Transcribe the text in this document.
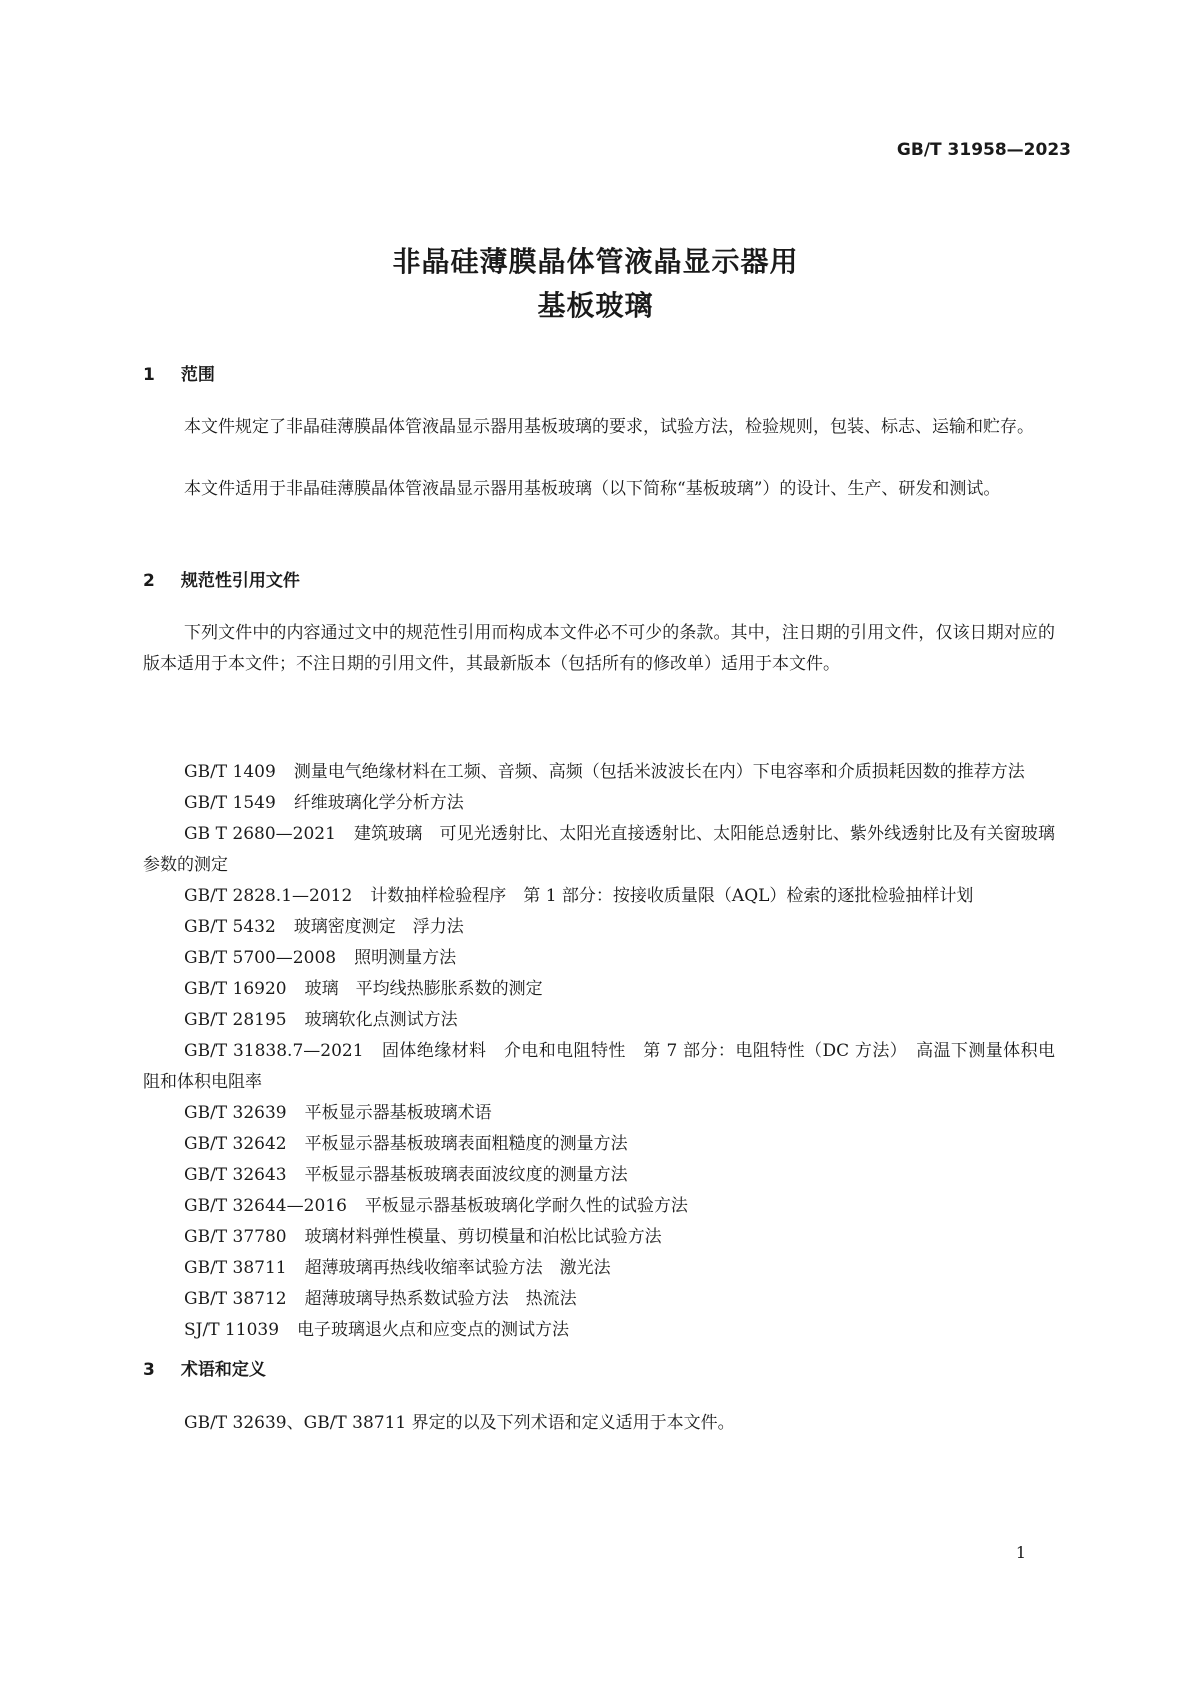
GB/T 31958—2023
非晶硅薄膜晶体管液晶显示器用
基板玻璃
1 范围
本文件规定了非晶硅薄膜晶体管液晶显示器用基板玻璃的要求，试验方法，检验规则，包装、标志、运输和贮存。
本文件适用于非晶硅薄膜晶体管液晶显示器用基板玻璃（以下简称“基板玻璃”）的设计、生产、研发和测试。
2 规范性引用文件
下列文件中的内容通过文中的规范性引用而构成本文件必不可少的条款。其中，注日期的引用文件，仅该日期对应的版本适用于本文件；不注日期的引用文件，其最新版本（包括所有的修改单）适用于本文件。

GB/T 1409 测量电气绝缘材料在工频、音频、高频（包括米波波长在内）下电容率和介质损耗因数的推荐方法

GB/T 1549 纤维玻璃化学分析方法

GB T 2680—2021 建筑玻璃　可见光透射比、太阳光直接透射比、太阳能总透射比、紫外线透射比及有关窗玻璃参数的测定

GB/T 2828.1—2012 计数抽样检验程序　第 1 部分：按接收质量限（AQL）检索的逐批检验抽样计划

GB/T 5432 玻璃密度测定　浮力法

GB/T 5700—2008 照明测量方法

GB/T 16920 玻璃　平均线热膨胀系数的测定

GB/T 28195 玻璃软化点测试方法

GB/T 31838.7—2021 固体绝缘材料　介电和电阻特性　第 7 部分：电阻特性（DC 方法）　高温下测量体积电阻和体积电阻率

GB/T 32639 平板显示器基板玻璃术语

GB/T 32642 平板显示器基板玻璃表面粗糙度的测量方法

GB/T 32643 平板显示器基板玻璃表面波纹度的测量方法

GB/T 32644—2016 平板显示器基板玻璃化学耐久性的试验方法

GB/T 37780 玻璃材料弹性模量、剪切模量和泊松比试验方法

GB/T 38711 超薄玻璃再热线收缩率试验方法　激光法

GB/T 38712 超薄玻璃导热系数试验方法　热流法

SJ/T 11039 电子玻璃退火点和应变点的测试方法

3 术语和定义
GB/T 32639、GB/T 38711 界定的以及下列术语和定义适用于本文件。
1
